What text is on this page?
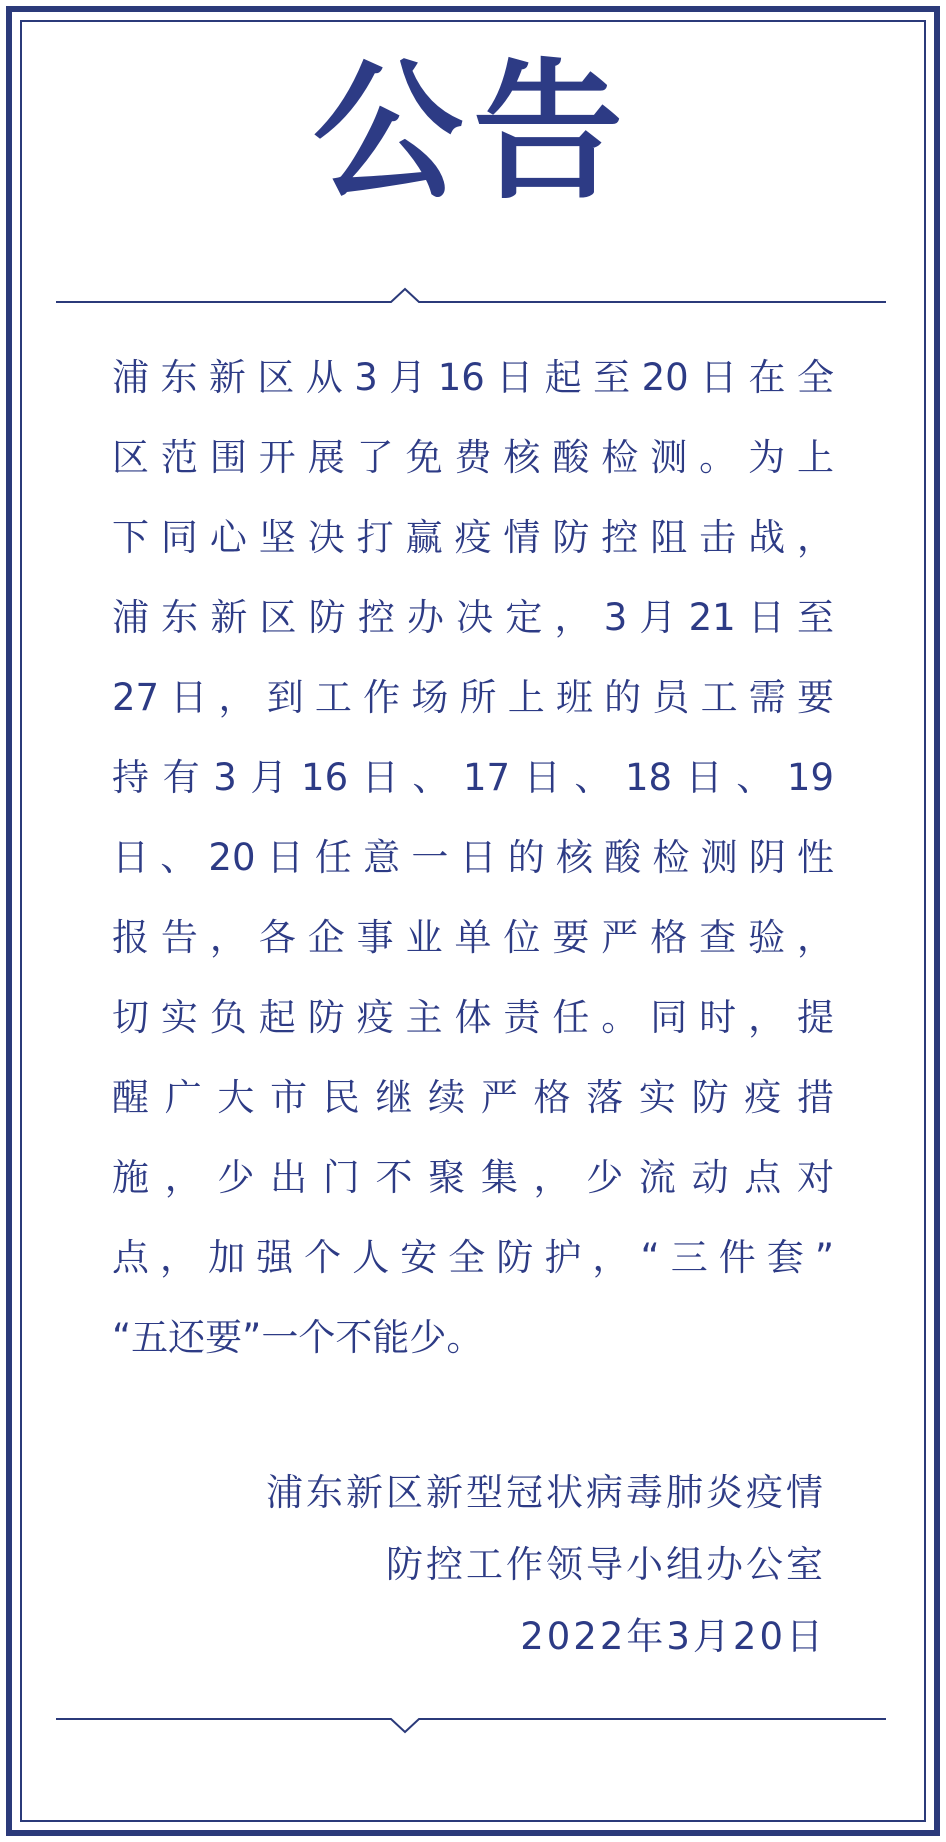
公告
浦东新区从3月16日起至20日在全
区范围开展了免费核酸检测。为上
下同心坚决打赢疫情防控阻击战，
浦东新区防控办决定，3月21日至
27日，到工作场所上班的员工需要
持有3月16日、17日、18日、19
日、20日任意一日的核酸检测阴性
报告，各企事业单位要严格查验，
切实负起防疫主体责任。同时，提
醒广大市民继续严格落实防疫措
施，少出门不聚集，少流动点对
点，加强个人安全防护，“三件套”
“五还要”一个不能少。
浦东新区新型冠状病毒肺炎疫情
防控工作领导小组办公室
2022年3月20日
